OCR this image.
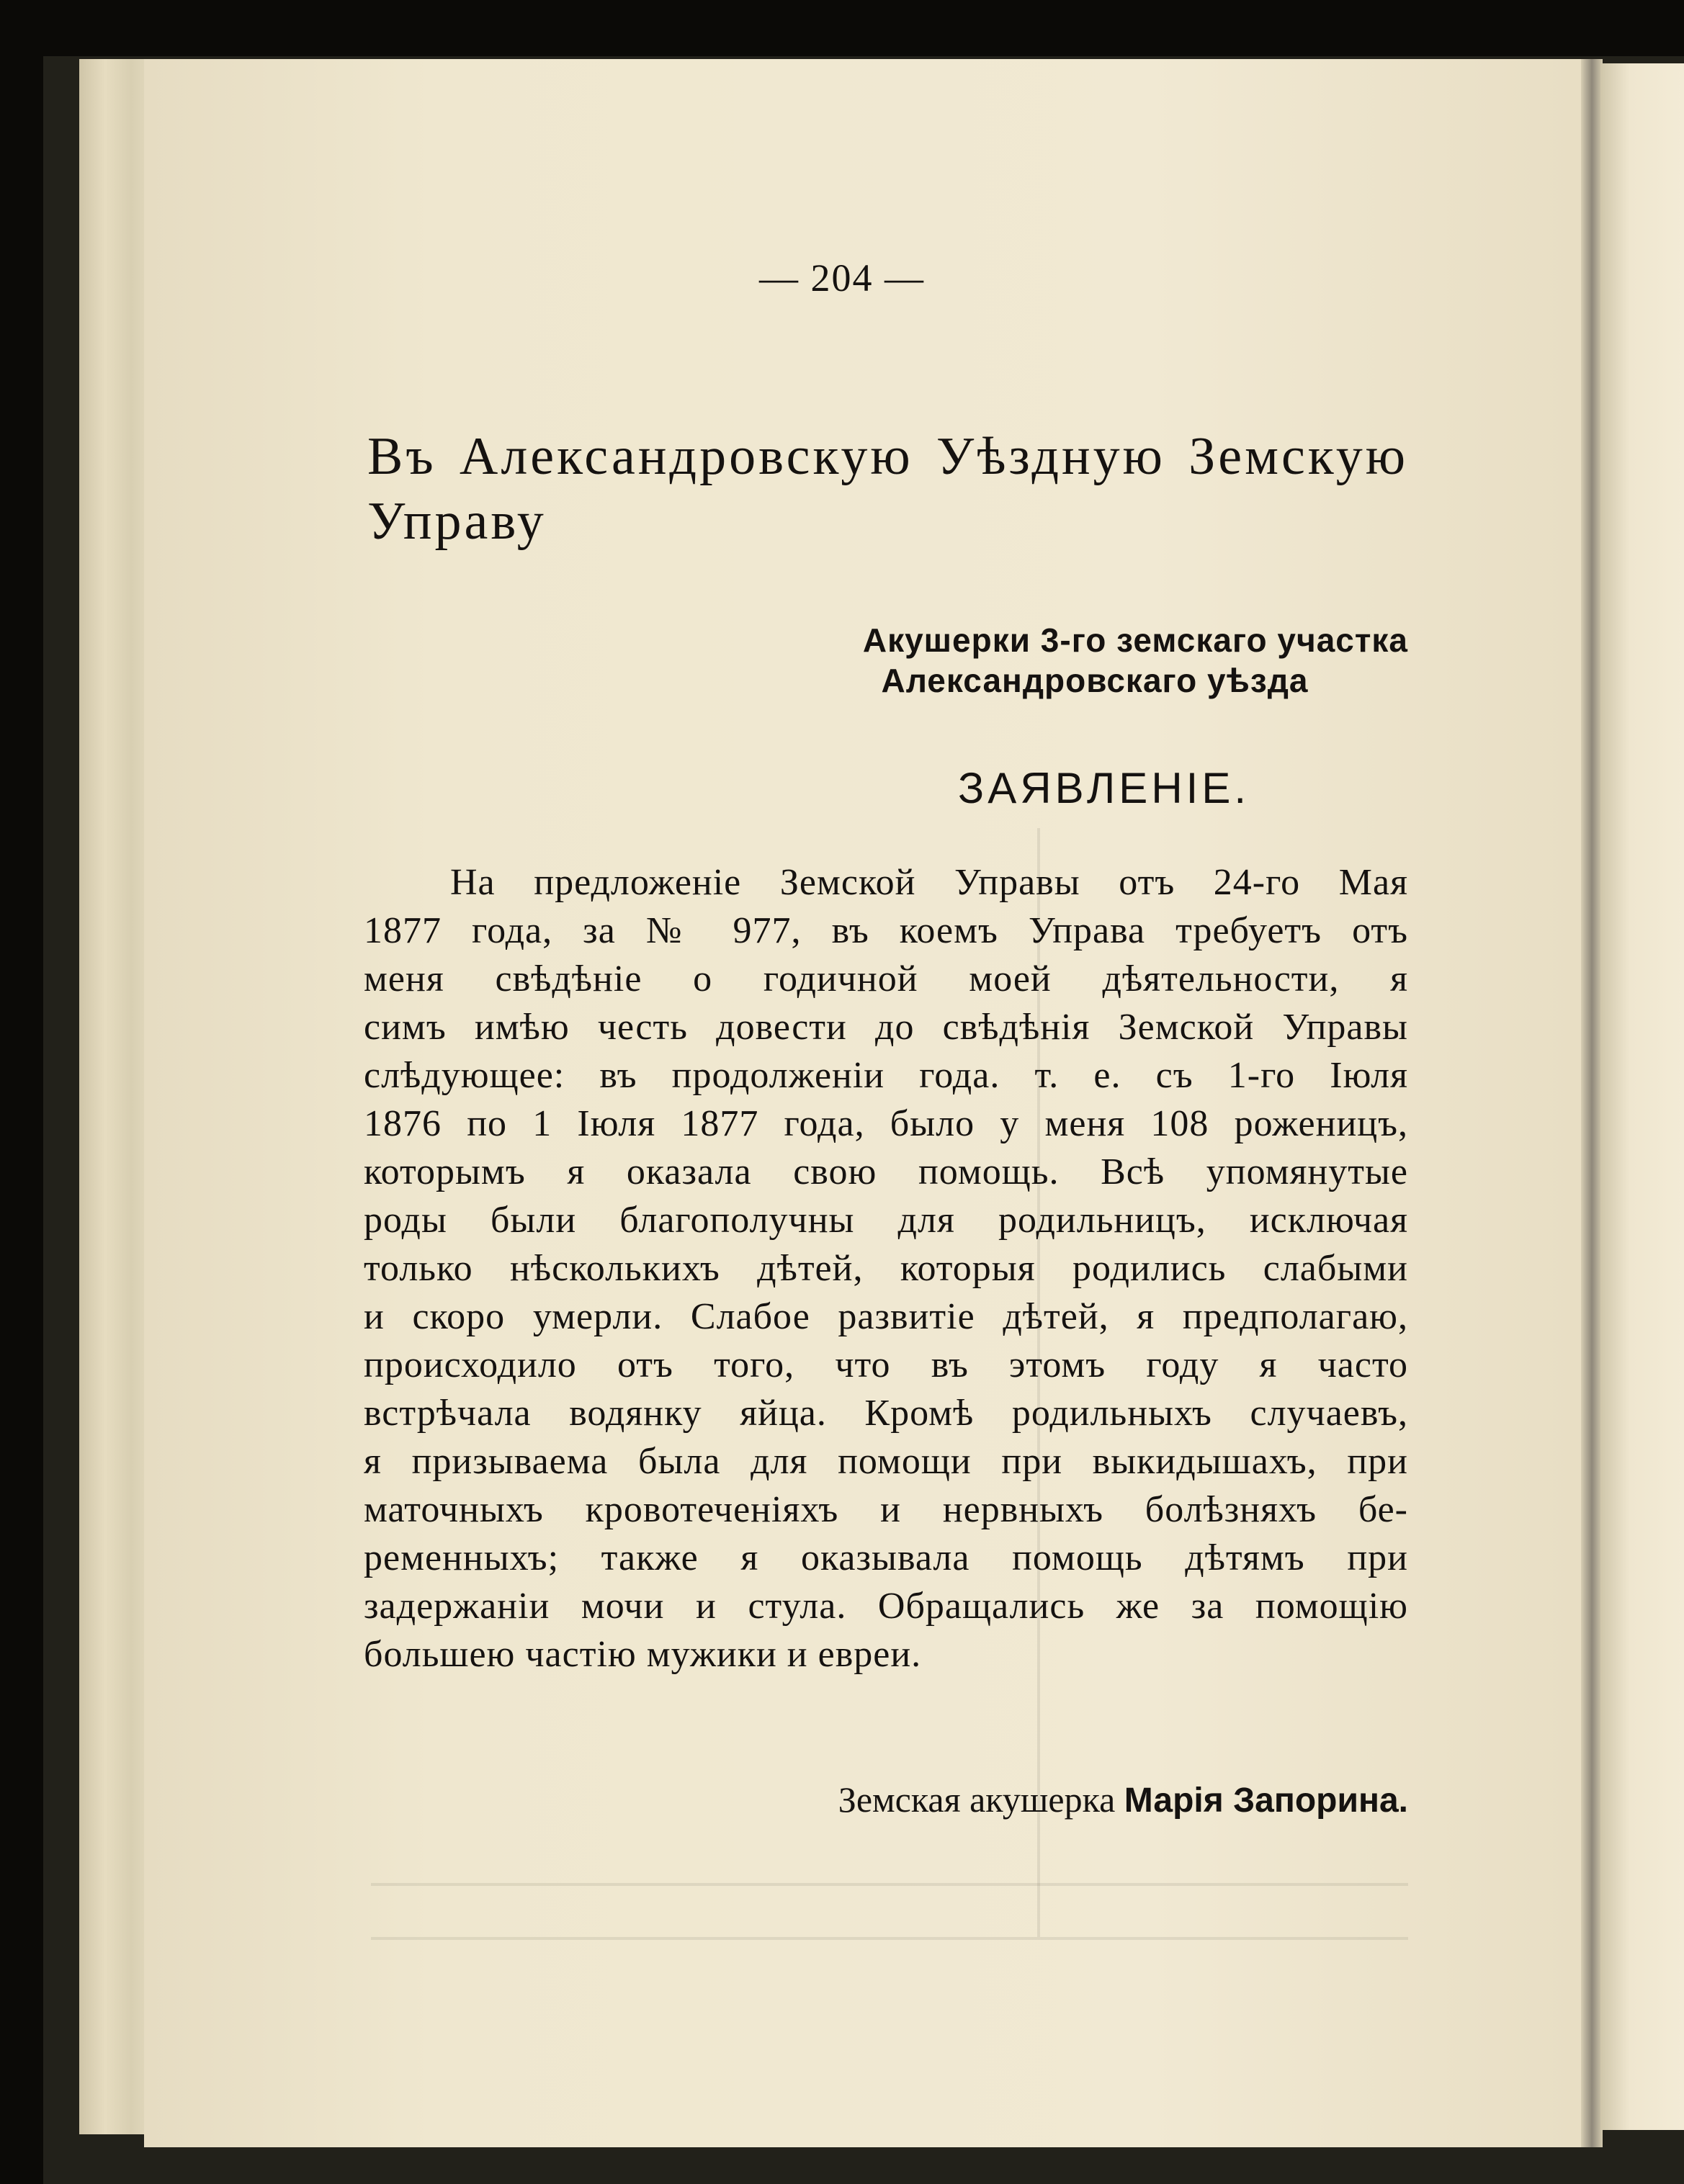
— 204 —
Въ Александровскую Уѣздную Земскую
Управу
Акушерки 3-го земскаго участка
Александровскаго уѣзда
ЗАЯВЛЕНІЕ.
На предложеніе Земской Управы отъ 24-го Мая
1877 года, за № 977, въ коемъ Управа требуетъ отъ
меня свѣдѣніе о годичной моей дѣятельности, я
симъ имѣю честь довести до свѣдѣнія Земской Управы
слѣдующее: въ продолженіи года. т. е. съ 1-го Іюля
1876 по 1 Іюля 1877 года, было у меня 108 роженицъ,
которымъ я оказала свою помощь. Всѣ упомянутые
роды были благополучны для родильницъ, исключая
только нѣсколькихъ дѣтей, которыя родились слабыми
и скоро умерли. Слабое развитіе дѣтей, я предполагаю,
происходило отъ того, что въ этомъ году я часто
встрѣчала водянку яйца. Кромѣ родильныхъ случаевъ,
я призываема была для помощи при выкидышахъ, при
маточныхъ кровотеченіяхъ и нервныхъ болѣзняхъ бе-
ременныхъ; также я оказывала помощь дѣтямъ при
задержаніи мочи и стула. Обращались же за помощію
большею частію мужики и евреи.
Земская акушерка Марія Запорина.
